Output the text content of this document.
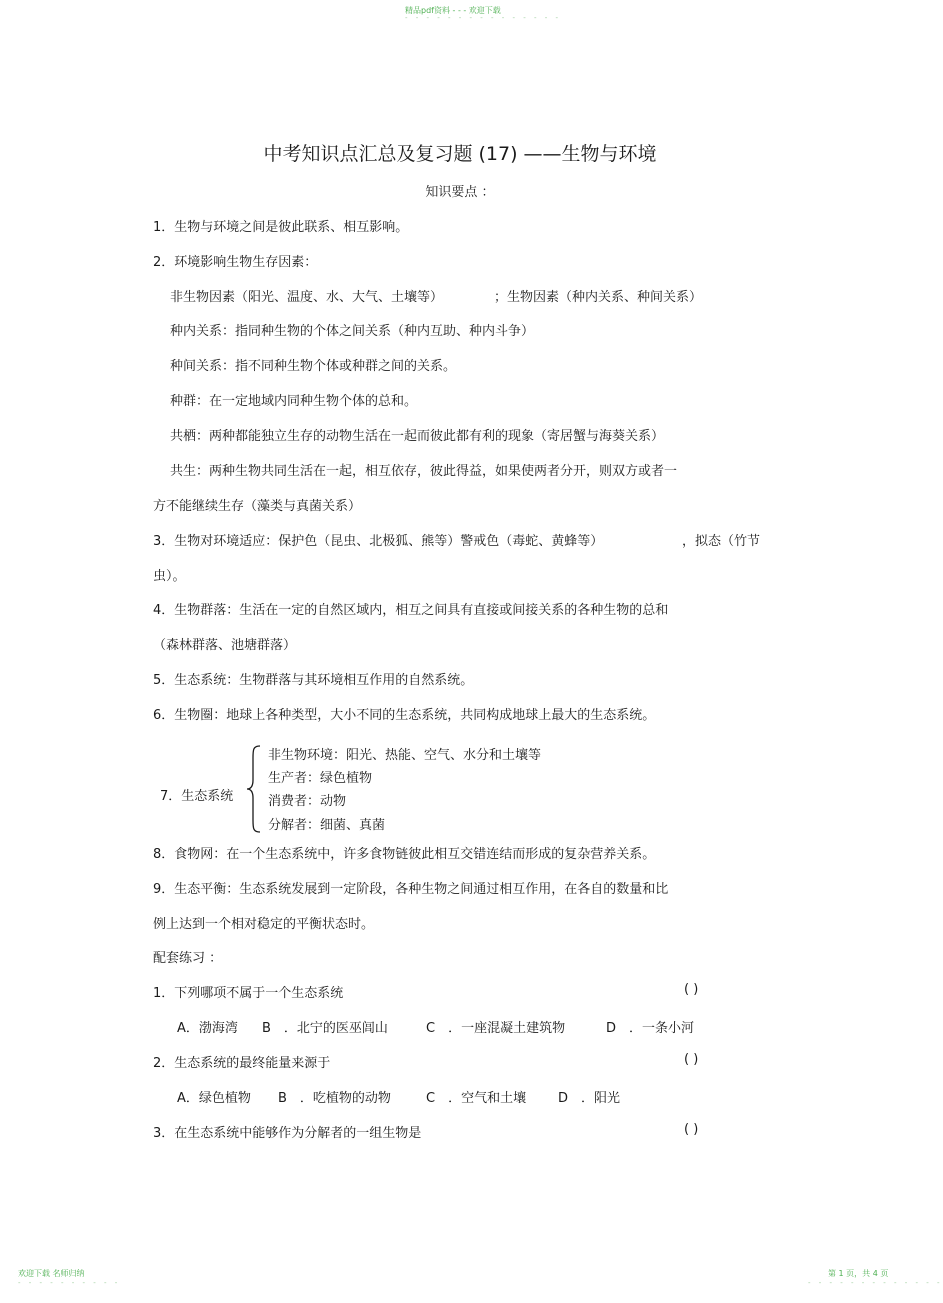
精品pdf资料 - - - 欢迎下载
- - - - - - - - - - - - - - -
中考知识点汇总及复习题 (17) ——生物与环境
知识要点 ：
1．生物与环境之间是彼此联系、相互影响。
2．环境影响生物生存因素：
非生物因素（阳光、温度、水、大气、土壤等）	；生物因素（种内关系、种间关系）
种内关系：指同种生物的个体之间关系（种内互助、种内斗争）
种间关系：指不同种生物个体或种群之间的关系。
种群：在一定地域内同种生物个体的总和。
共栖：两种都能独立生存的动物生活在一起而彼此都有利的现象（寄居蟹与海葵关系）
共生：两种生物共同生活在一起，相互依存，彼此得益，如果使两者分开，则双方或者一
方不能继续生存（藻类与真菌关系）
3．生物对环境适应：保护色（昆虫、北极狐、熊等）警戒色（毒蛇、黄蜂等）	，拟态（竹节
虫）。
4．生物群落：生活在一定的自然区域内，相互之间具有直接或间接关系的各种生物的总和
（森林群落、池塘群落）
5．生态系统：生物群落与其环境相互作用的自然系统。
6．生物圈：地球上各种类型，大小不同的生态系统，共同构成地球上最大的生态系统。
7．生态系统
非生物环境：阳光、热能、空气、水分和土壤等
生产者：绿色植物
消费者：动物
分解者：细菌、真菌
8．食物网：在一个生态系统中，许多食物链彼此相互交错连结而形成的复杂营养关系。
9．生态平衡：生态系统发展到一定阶段，各种生物之间通过相互作用，在各自的数量和比
例上达到一个相对稳定的平衡状态时。
配套练习 ：
1．下列哪项不属于一个生态系统	( )
A．渤海湾 B　．北宁的医巫闾山	C　．一座混凝土建筑物	D　．一条小河
2．生态系统的最终能量来源于	( )
A．绿色植物 B　．吃植物的动物	C　．空气和土壤 D　．阳光
3．在生态系统中能够作为分解者的一组生物是	( )
欢迎下载 名师归纳
- - - - - - - - - -
第 1 页，共 4 页
- - - - - - - - - - - - -
